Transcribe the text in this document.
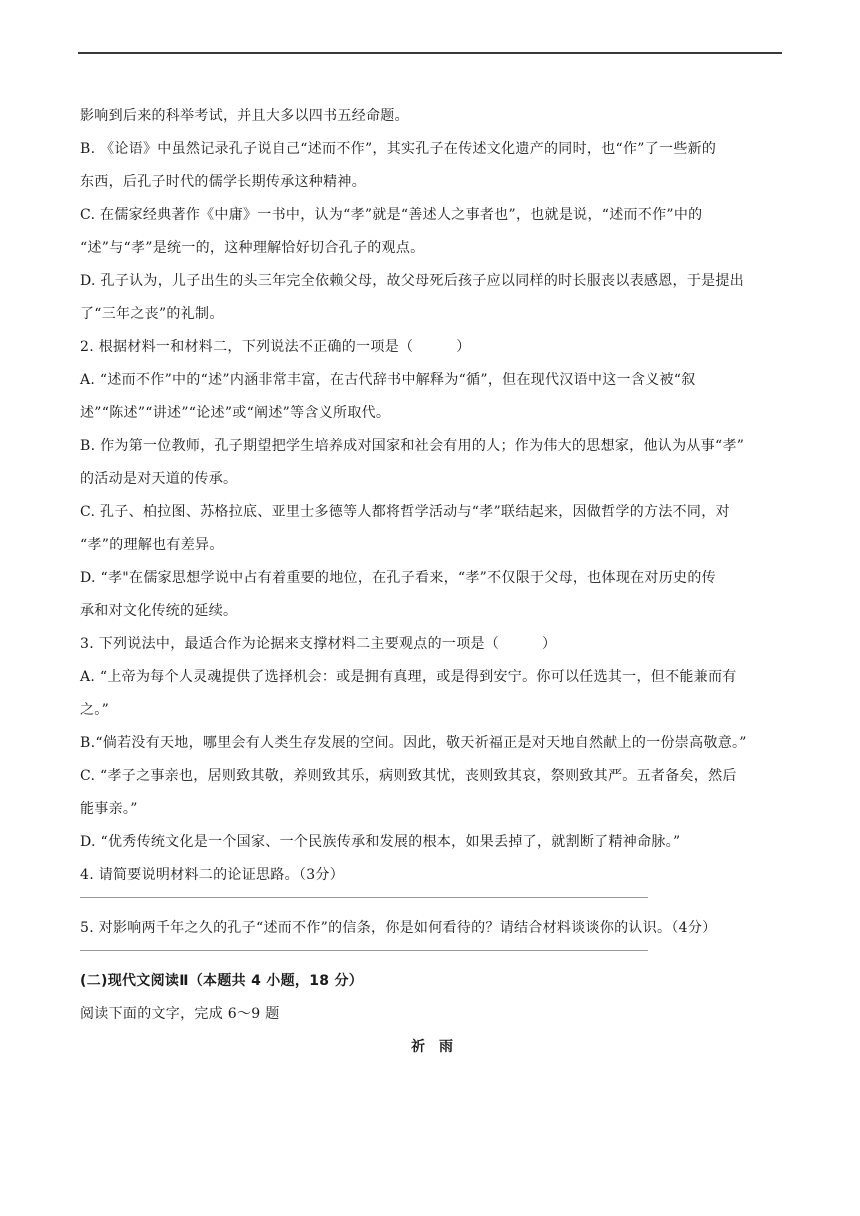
影响到后来的科举考试，并且大多以四书五经命题。
B. 《论语》中虽然记录孔子说自己“述而不作”，其实孔子在传述文化遗产的同时，也“作”了一些新的
东西，后孔子时代的儒学长期传承这种精神。
C. 在儒家经典著作《中庸》一书中，认为“孝”就是“善述人之事者也”，也就是说，“述而不作”中的
“述”与“孝”是统一的，这种理解恰好切合孔子的观点。
D. 孔子认为，儿子出生的头三年完全依赖父母，故父母死后孩子应以同样的时长服丧以表感恩，于是提出
了“三年之丧”的礼制。
2. 根据材料一和材料二，下列说法不正确的一项是（　　　）
A. “述而不作”中的“述”内涵非常丰富，在古代辞书中解释为“循”，但在现代汉语中这一含义被“叙
述”“陈述”“讲述”“论述”或“阐述”等含义所取代。
B. 作为第一位教师，孔子期望把学生培养成对国家和社会有用的人；作为伟大的思想家，他认为从事“孝”
的活动是对天道的传承。
C. 孔子、柏拉图、苏格拉底、亚里士多德等人都将哲学活动与“孝”联结起来，因做哲学的方法不同，对
“孝”的理解也有差异。
D. “孝"在儒家思想学说中占有着重要的地位，在孔子看来，“孝”不仅限于父母，也体现在对历史的传
承和对文化传统的延续。
3. 下列说法中，最适合作为论据来支撑材料二主要观点的一项是（　　　）
A. “上帝为每个人灵魂提供了选择机会：或是拥有真理，或是得到安宁。你可以任选其一，但不能兼而有
之。”
B.“倘若没有天地，哪里会有人类生存发展的空间。因此，敬天祈福正是对天地自然献上的一份崇高敬意。”
C. “孝子之事亲也，居则致其敬，养则致其乐，病则致其忧，丧则致其哀，祭则致其严。五者备矣，然后
能事亲。”
D. “优秀传统文化是一个国家、一个民族传承和发展的根本，如果丢掉了，就割断了精神命脉。”
4. 请简要说明材料二的论证思路。（3分）
5. 对影响两千年之久的孔子“述而不作”的信条，你是如何看待的？请结合材料谈谈你的认识。（4分）
(二)现代文阅读Ⅱ（本题共 4 小题，18 分）
阅读下面的文字，完成 6～9 题
祈雨
